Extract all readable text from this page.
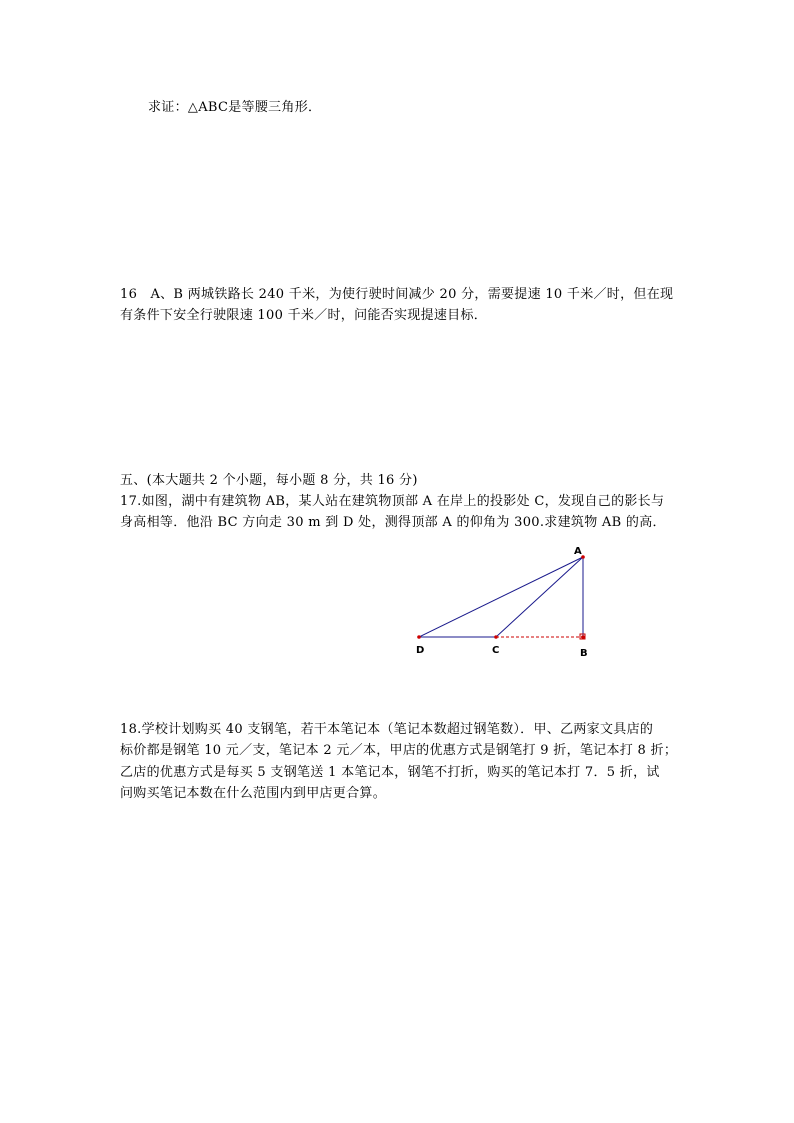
求证：△ABC是等腰三角形．
16　A、B 两城铁路长 240 千米，为使行驶时间减少 20 分，需要提速 10 千米／时，但在现
有条件下安全行驶限速 100 千米／时，问能否实现提速目标．
五、(本大题共 2 个小题，每小题 8 分，共 16 分)
17.如图，湖中有建筑物 AB，某人站在建筑物顶部 A 在岸上的投影处 C，发现自己的影长与
身高相等．他沿 BC 方向走 30 m 到 D 处，测得顶部 A 的仰角为 300.求建筑物 AB 的高．
A
B
C
D
18.学校计划购买 40 支钢笔，若干本笔记本（笔记本数超过钢笔数）．甲、乙两家文具店的
标价都是钢笔 10 元／支，笔记本 2 元／本，甲店的优惠方式是钢笔打 9 折，笔记本打 8 折；
乙店的优惠方式是每买 5 支钢笔送 1 本笔记本，钢笔不打折，购买的笔记本打 7．5 折，试
问购买笔记本数在什么范围内到甲店更合算。
